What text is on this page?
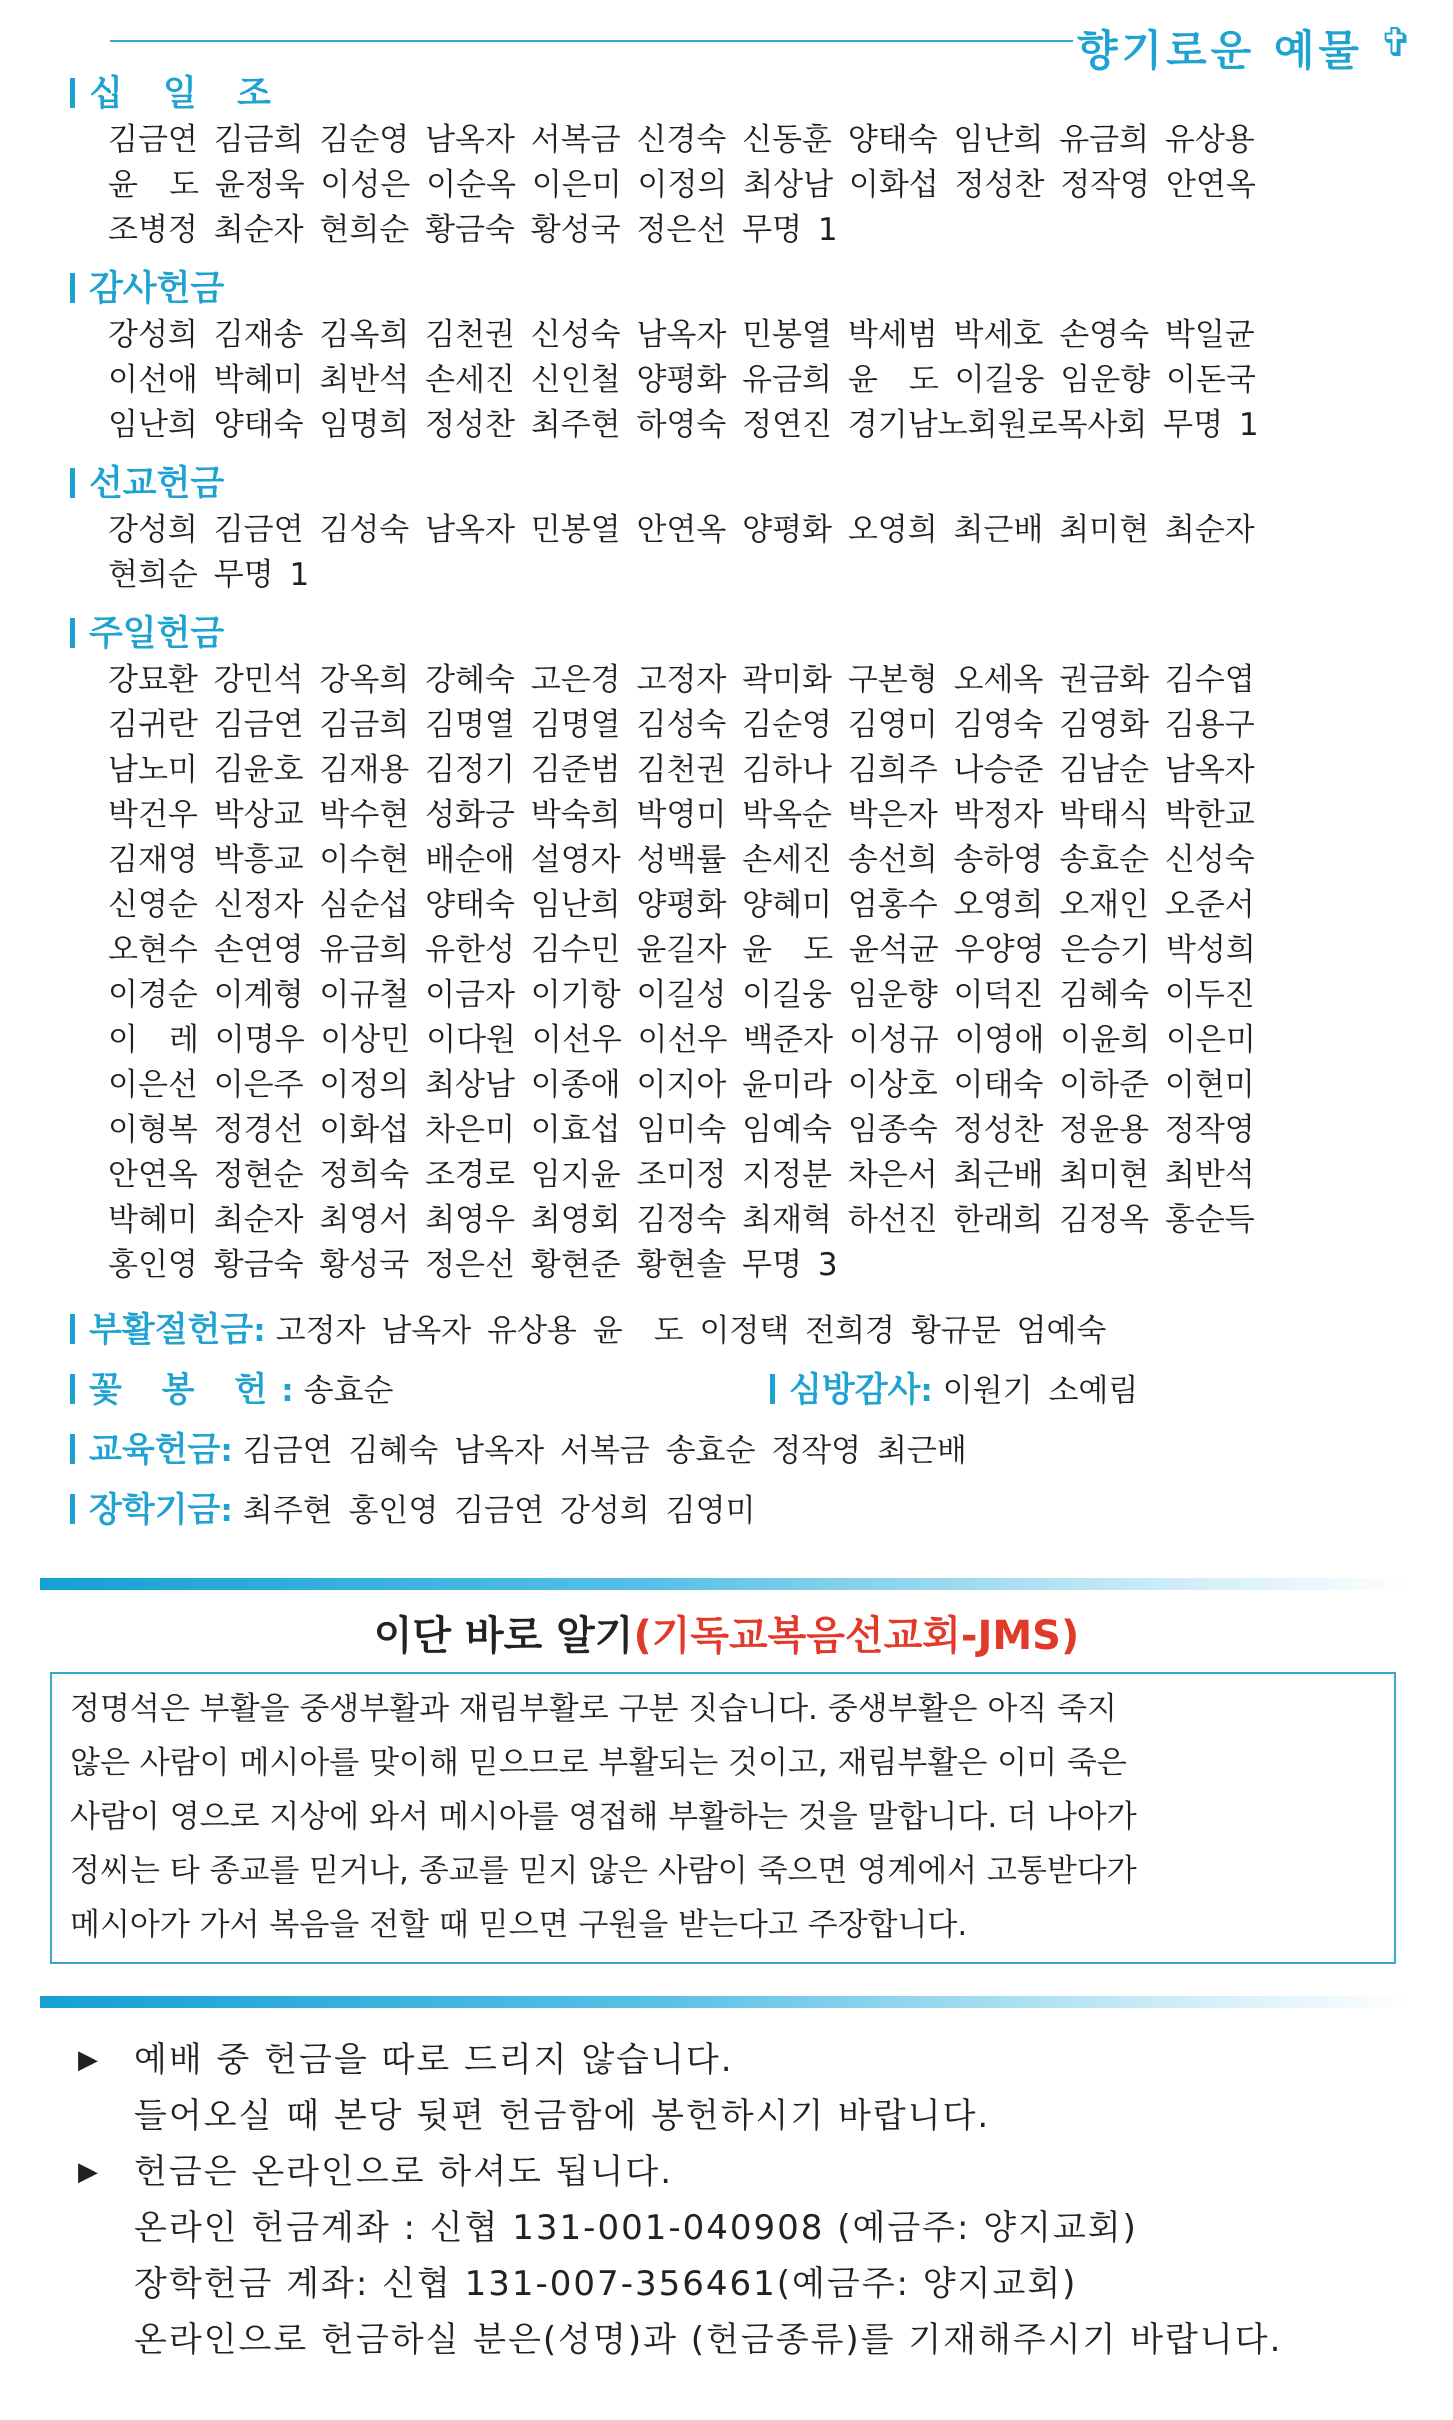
향기로운 예물 ✞
십 일 조
김금연 김금희 김순영 남옥자 서복금 신경숙 신동훈 양태숙 임난희 유금희 유상용
윤　도 윤정욱 이성은 이순옥 이은미 이정의 최상남 이화섭 정성찬 정작영 안연옥
조병정 최순자 현희순 황금숙 황성국 정은선 무명 1
감사헌금
강성희 김재송 김옥희 김천권 신성숙 남옥자 민봉열 박세범 박세호 손영숙 박일균
이선애 박혜미 최반석 손세진 신인철 양평화 유금희 윤　도 이길웅 임운향 이돈국
임난희 양태숙 임명희 정성찬 최주현 하영숙 정연진 경기남노회원로목사회 무명 1
선교헌금
강성희 김금연 김성숙 남옥자 민봉열 안연옥 양평화 오영희 최근배 최미현 최순자
현희순 무명 1
주일헌금
강묘환 강민석 강옥희 강혜숙 고은경 고정자 곽미화 구본형 오세옥 권금화 김수엽
김귀란 김금연 김금희 김명열 김명열 김성숙 김순영 김영미 김영숙 김영화 김용구
남노미 김윤호 김재용 김정기 김준범 김천권 김하나 김희주 나승준 김남순 남옥자
박건우 박상교 박수현 성화긍 박숙희 박영미 박옥순 박은자 박정자 박태식 박한교
김재영 박흥교 이수현 배순애 설영자 성백률 손세진 송선희 송하영 송효순 신성숙
신영순 신정자 심순섭 양태숙 임난희 양평화 양혜미 엄홍수 오영희 오재인 오준서
오현수 손연영 유금희 유한성 김수민 윤길자 윤　도 윤석균 우양영 은승기 박성희
이경순 이계형 이규철 이금자 이기항 이길성 이길웅 임운향 이덕진 김혜숙 이두진
이　레 이명우 이상민 이다원 이선우 이선우 백준자 이성규 이영애 이윤희 이은미
이은선 이은주 이정의 최상남 이종애 이지아 윤미라 이상호 이태숙 이하준 이현미
이형복 정경선 이화섭 차은미 이효섭 임미숙 임예숙 임종숙 정성찬 정윤용 정작영
안연옥 정현순 정희숙 조경로 임지윤 조미정 지정분 차은서 최근배 최미현 최반석
박혜미 최순자 최영서 최영우 최영회 김정숙 최재혁 하선진 한래희 김정옥 홍순득
홍인영 황금숙 황성국 정은선 황현준 황현솔 무명 3
부활절헌금: 고정자 남옥자 유상용 윤　도 이정택 전희경 황규문 엄예숙
꽃 봉 헌: 송효순	심방감사: 이원기 소예림
교육헌금: 김금연 김혜숙 남옥자 서복금 송효순 정작영 최근배
장학기금: 최주현 홍인영 김금연 강성희 김영미
이단 바로 알기(기독교복음선교회-JMS)
정명석은 부활을 중생부활과 재림부활로 구분 짓습니다. 중생부활은 아직 죽지
않은 사람이 메시아를 맞이해 믿으므로 부활되는 것이고, 재림부활은 이미 죽은
사람이 영으로 지상에 와서 메시아를 영접해 부활하는 것을 말합니다. 더 나아가
정씨는 타 종교를 믿거나, 종교를 믿지 않은 사람이 죽으면 영계에서 고통받다가
메시아가 가서 복음을 전할 때 믿으면 구원을 받는다고 주장합니다.
▶ 예배 중 헌금을 따로 드리지 않습니다.
들어오실 때 본당 뒷편 헌금함에 봉헌하시기 바랍니다.
▶ 헌금은 온라인으로 하셔도 됩니다.
온라인 헌금계좌 : 신협 131-001-040908 (예금주: 양지교회)
장학헌금 계좌: 신협 131-007-356461(예금주: 양지교회)
온라인으로 헌금하실 분은(성명)과 (헌금종류)를 기재해주시기 바랍니다.
